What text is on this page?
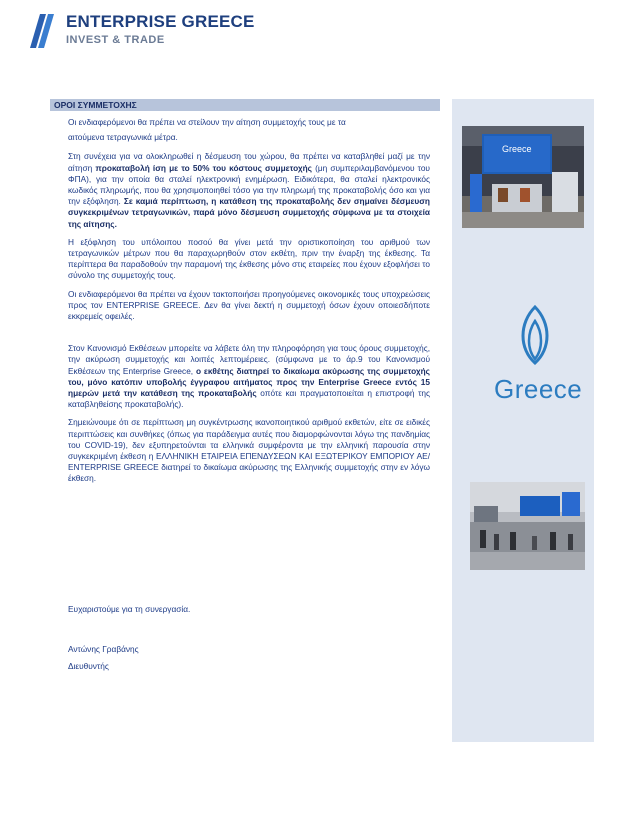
ENTERPRISE GREECE
INVEST & TRADE
ΟΡΟΙ ΣΥΜΜΕΤΟΧΗΣ

Οι ενδιαφερόμενοι θα πρέπει να στείλουν την αίτηση συμμετοχής τους με τα

αιτούμενα τετραγωνικά μέτρα.

Στη συνέχεια για να ολοκληρωθεί η δέσμευση του χώρου, θα πρέπει να καταβληθεί μαζί με την αίτηση προκαταβολή ίση με το 50% του κόστους συμμετοχής (μη συμπεριλαμβανόμενου του ΦΠΑ), για την οποία θα σταλεί ηλεκτρονική ενημέρωση. Ειδικότερα, θα σταλεί ηλεκτρονικός κωδικός πληρωμής, που θα χρησιμοποιηθεί τόσο για την πληρωμή της προκαταβολής όσο και για την εξόφληση. Σε καμιά περίπτωση, η κατάθεση της προκαταβολής δεν σημαίνει δέσμευση συγκεκριμένων τετραγωνικών, παρά μόνο δέσμευση συμμετοχής σύμφωνα με τα στοιχεία της αίτησης.

Η εξόφληση του υπόλοιπου ποσού θα γίνει μετά την οριστικοποίηση του αριθμού των τετραγωνικών μέτρων που θα παραχωρηθούν στον εκθέτη, πριν την έναρξη της έκθεσης. Τα περίπτερα θα παραδοθούν την παραμονή της έκθεσης μόνο στις εταιρείες που έχουν εξοφλήσει το σύνολο της συμμετοχής τους.

Οι ενδιαφερόμενοι θα πρέπει να έχουν τακτοποιήσει προηγούμενες οικονομικές τους υποχρεώσεις προς τον ENTERPRISE GREECE. Δεν θα γίνει δεκτή η συμμετοχή όσων έχουν οποιεσδήποτε εκκρεμείς οφειλές.

Στον Κανονισμό Εκθέσεων μπορείτε να λάβετε όλη την πληροφόρηση για τους όρους συμμετοχής, την ακύρωση συμμετοχής και λοιπές λεπτομέρειες. (σύμφωνα με το άρ.9 του Κανονισμού Εκθέσεων της Enterprise Greece, ο εκθέτης διατηρεί το δικαίωμα ακύρωσης της συμμετοχής του, μόνο κατόπιν υποβολής έγγραφου αιτήματος προς την Enterprise Greece εντός 15 ημερών μετά την κατάθεση της προκαταβολής οπότε και πραγματοποιείται η επιστροφή της καταβληθείσης προκαταβολής).

Σημειώνουμε ότι σε περίπτωση μη συγκέντρωσης ικανοποιητικού αριθμού εκθετών, είτε σε ειδικές περιπτώσεις και συνθήκες (όπως για παράδειγμα αυτές που διαμορφώνονται λόγω της πανδημίας του COVID-19), δεν εξυπηρετούνται τα ελληνικά συμφέροντα με την ελληνική παρουσία στην συγκεκριμένη έκθεση η ΕΛΛΗΝΙΚΗ ΕΤΑΙΡΕΙΑ ΕΠΕΝΔΥΣΕΩΝ ΚΑΙ ΕΞΩΤΕΡΙΚΟΥ ΕΜΠΟΡΙΟΥ ΑΕ/ ENTERPRISE GREECE διατηρεί το δικαίωμα ακύρωσης της Ελληνικής συμμετοχής στην εν λόγω έκθεση.

Ευχαριστούμε για τη συνεργασία.
Αντώνης Γραβάνης
Διευθυντής
Greece
Greece
